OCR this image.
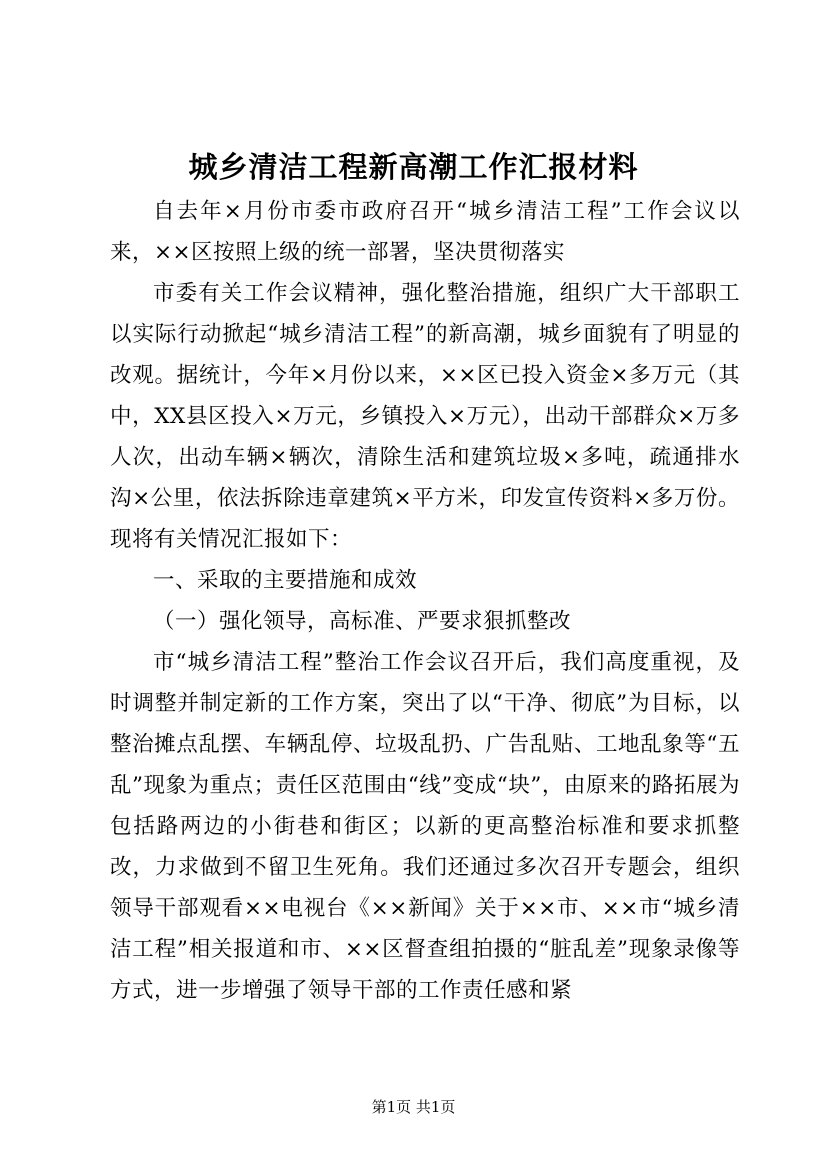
城乡清洁工程新高潮工作汇报材料

自去年×月份市委市政府召开“城乡清洁工程”工作会议以来，××区按照上级的统一部署，坚决贯彻落实

市委有关工作会议精神，强化整治措施，组织广大干部职工以实际行动掀起“城乡清洁工程”的新高潮，城乡面貌有了明显的改观。据统计，今年×月份以来，××区已投入资金×多万元（其中，XX县区投入×万元，乡镇投入×万元），出动干部群众×万多人次，出动车辆×辆次，清除生活和建筑垃圾×多吨，疏通排水沟×公里，依法拆除违章建筑×平方米，印发宣传资料×多万份。现将有关情况汇报如下：

一、采取的主要措施和成效

（一）强化领导，高标准、严要求狠抓整改

市“城乡清洁工程”整治工作会议召开后，我们高度重视，及时调整并制定新的工作方案，突出了以“干净、彻底”为目标，以整治摊点乱摆、车辆乱停、垃圾乱扔、广告乱贴、工地乱象等“五乱”现象为重点；责任区范围由“线”变成“块”，由原来的路拓展为包括路两边的小街巷和街区；以新的更高整治标准和要求抓整改，力求做到不留卫生死角。我们还通过多次召开专题会，组织领导干部观看××电视台《××新闻》关于××市、××市“城乡清洁工程”相关报道和市、××区督查组拍摄的“脏乱差”现象录像等方式，进一步增强了领导干部的工作责任感和紧

第1页 共1页
